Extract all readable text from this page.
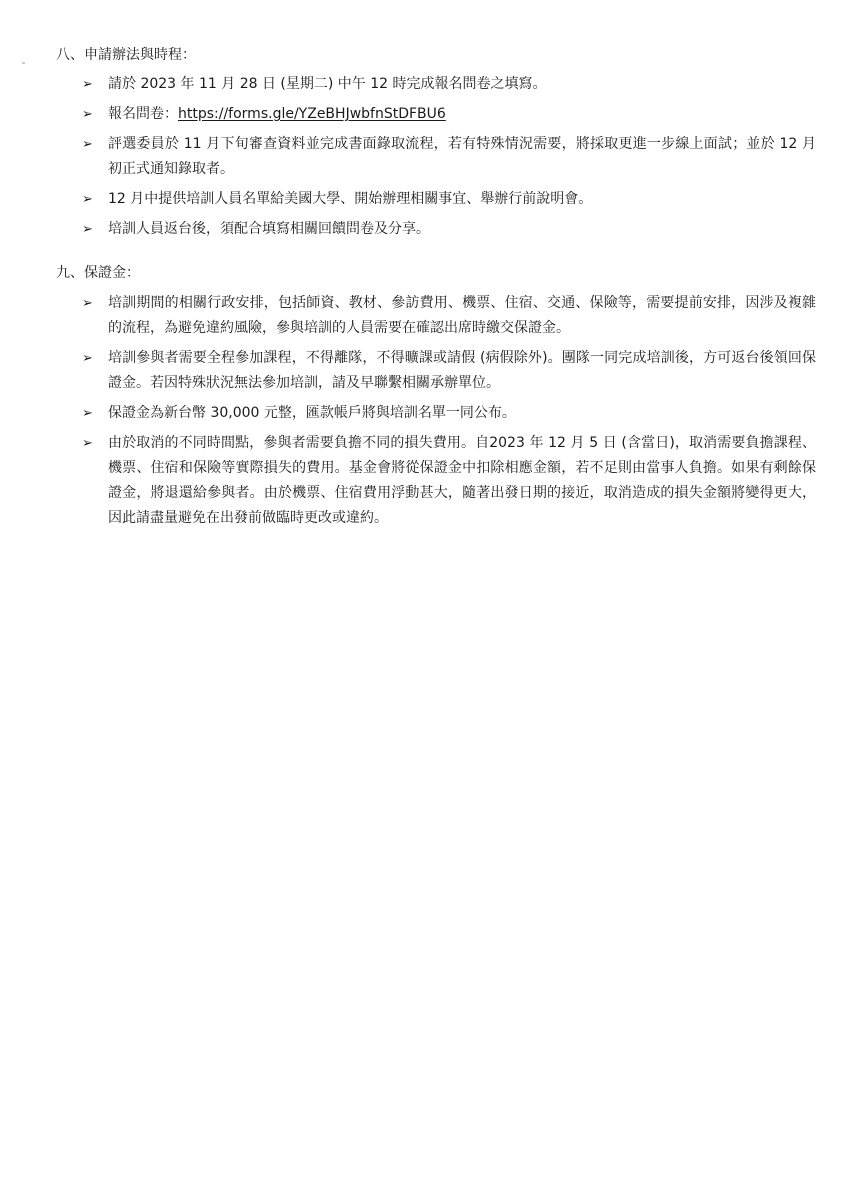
八、申請辦法與時程：

➢ 請於 2023 年 11 月 28 日 (星期二) 中午 12 時完成報名問卷之填寫。
➢ 報名問卷：https://forms.gle/YZeBHJwbfnStDFBU6
➢ 評選委員於 11 月下旬審查資料並完成書面錄取流程，若有特殊情況需要，將採取更進一步線上面試；並於 12 月初正式通知錄取者。
➢ 12 月中提供培訓人員名單給美國大學、開始辦理相關事宜、舉辦行前說明會。
➢ 培訓人員返台後，須配合填寫相關回饋問卷及分享。

九、保證金：

➢ 培訓期間的相關行政安排，包括師資、教材、參訪費用、機票、住宿、交通、保險等，需要提前安排，因涉及複雜的流程，為避免違約風險，參與培訓的人員需要在確認出席時繳交保證金。
➢ 培訓參與者需要全程參加課程，不得離隊，不得曠課或請假 (病假除外)。團隊一同完成培訓後，方可返台後領回保證金。若因特殊狀況無法參加培訓，請及早聯繫相關承辦單位。
➢ 保證金為新台幣 30,000 元整，匯款帳戶將與培訓名單一同公布。
➢ 由於取消的不同時間點，參與者需要負擔不同的損失費用。自2023 年 12 月 5 日 (含當日)，取消需要負擔課程、機票、住宿和保險等實際損失的費用。基金會將從保證金中扣除相應金額，若不足則由當事人負擔。如果有剩餘保證金，將退還給參與者。由於機票、住宿費用浮動甚大，隨著出發日期的接近，取消造成的損失金額將變得更大，因此請盡量避免在出發前做臨時更改或違約。
